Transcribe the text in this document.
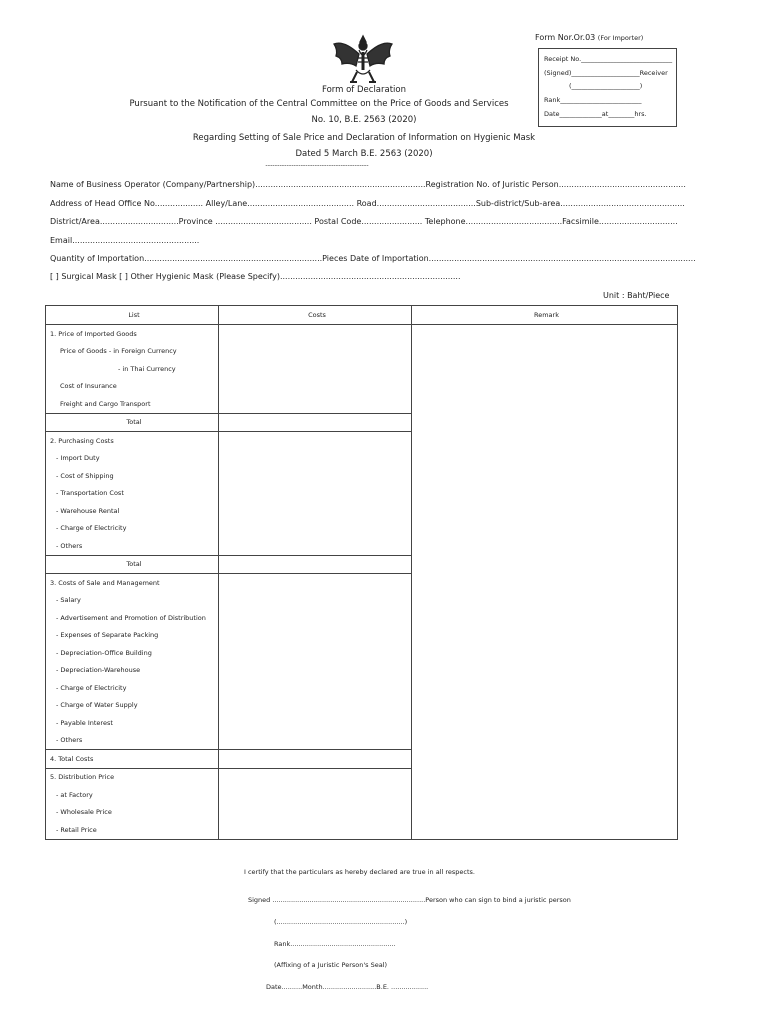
Form Nor.Or.03 (For Importer)
Receipt No.____________________________
(Signed)_____________________Receiver
(_____________________)
Rank_________________________
Date_____________at________hrs.
Form of Declaration
Pursuant to the Notification of the Central Committee on the Price of Goods and Services
No. 10, B.E. 2563 (2020)
Regarding Setting of Sale Price and Declaration of Information on Hygienic Mask
Dated 5 March B.E. 2563 (2020)
--------------------------------------------
Name of Business Operator (Company/Partnership)...................................................................Registration No. of Juristic Person..................................................
Address of Head Office No................... Alley/Lane.......................................... Road.......................................Sub-district/Sub-area.................................................
District/Area...............................Province ...................................... Postal Code........................ Telephone......................................Facsimile...............................
Email..................................................
Quantity of Importation......................................................................Pieces Date of Importation.........................................................................................................
[ ] Surgical Mask [ ] Other Hygienic Mask (Please Specify).......................................................................
Unit : Baht/Piece
List	Costs	Remark
1. Price of Imported Goods		
Price of Goods - in Foreign Currency		
- in Thai Currency		
Cost of Insurance		
Freight and Cargo Transport		
Total		
2. Purchasing Costs		
- Import Duty		
- Cost of Shipping		
- Transportation Cost		
- Warehouse Rental		
- Charge of Electricity		
- Others		
Total		
3. Costs of Sale and Management		
- Salary		
- Advertisement and Promotion of Distribution		
- Expenses of Separate Packing		
- Depreciation-Office Building		
- Depreciation-Warehouse		
- Charge of Electricity		
- Charge of Water Supply		
- Payable Interest		
- Others		
4. Total Costs		
5. Distribution Price		
- at Factory		
- Wholesale Price		
- Retail Price		
I certify that the particulars as hereby declared are true in all respects.
Signed ..........................................................................Person who can sign to bind a juristic person
(..............................................................)
Rank...................................................
(Affixing of a Juristic Person's Seal)
Date..........Month..........................B.E. ..................
